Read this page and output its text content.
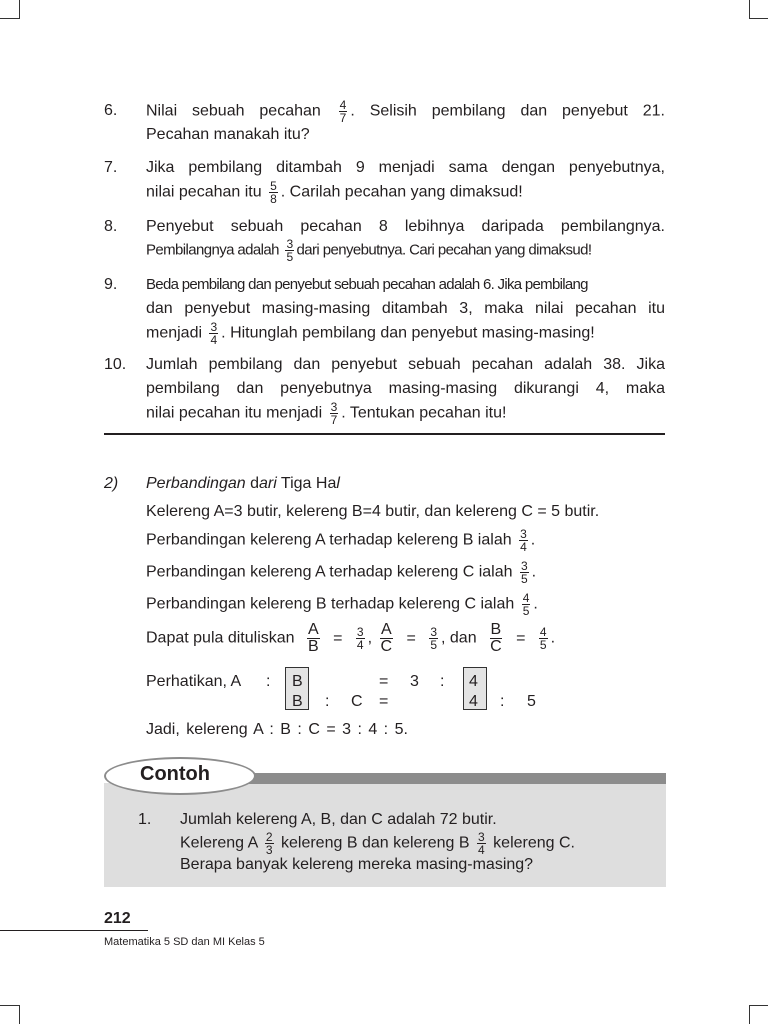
6. Nilai sebuah pecahan $\frac{4}{7}$ . Selisih pembilang dan penyebut 21.
Pecahan manakah itu?
7. Jika pembilang ditambah 9 menjadi sama dengan penyebutnya,
nilai pecahan itu $\frac{5}{8}$ . Carilah pecahan yang dimaksud!
8. Penyebut sebuah pecahan 8 lebihnya daripada pembilangnya.
Pembilangnya adalah $\frac{3}{5}$ dari penyebutnya. Cari pecahan yang dimaksud!
9. Beda pembilang dan penyebut sebuah pecahan adalah 6. Jika pembilang
dan penyebut masing-masing ditambah 3, maka nilai pecahan itu
menjadi $\frac{3}{4}$ . Hitunglah pembilang dan penyebut masing-masing!
10. Jumlah pembilang dan penyebut sebuah pecahan adalah 38. Jika
pembilang dan penyebutnya masing-masing dikurangi 4, maka
nilai pecahan itu menjadi $\frac{3}{7}$ . Tentukan pecahan itu!
2) Perbandingan dari Tiga Hal
Kelereng A=3 butir, kelereng B=4 butir, dan kelereng C = 5 butir.
Perbandingan kelereng A terhadap kelereng B ialah $\frac{3}{4}$ .
Perbandingan kelereng A terhadap kelereng C ialah $\frac{3}{5}$ .
Perbandingan kelereng B terhadap kelereng C ialah $\frac{4}{5}$ .
Dapat pula dituliskan $\frac{A}{B} = \frac{3}{4}$ , $\frac{A}{C} = \frac{3}{5}$ , dan $\frac{B}{C} = \frac{4}{5}$ .
Perhatikan, A : B	= 3 : 4
B : C =	4 : 5
Jadi, kelereng A : B : C = 3 : 4 : 5.
Contoh
1. Jumlah kelereng A, B, dan C adalah 72 butir.
Kelereng A $\frac{2}{3}$ kelereng B dan kelereng B $\frac{3}{4}$ kelereng C.
Berapa banyak kelereng mereka masing-masing?
212
Matematika 5 SD dan MI Kelas 5
